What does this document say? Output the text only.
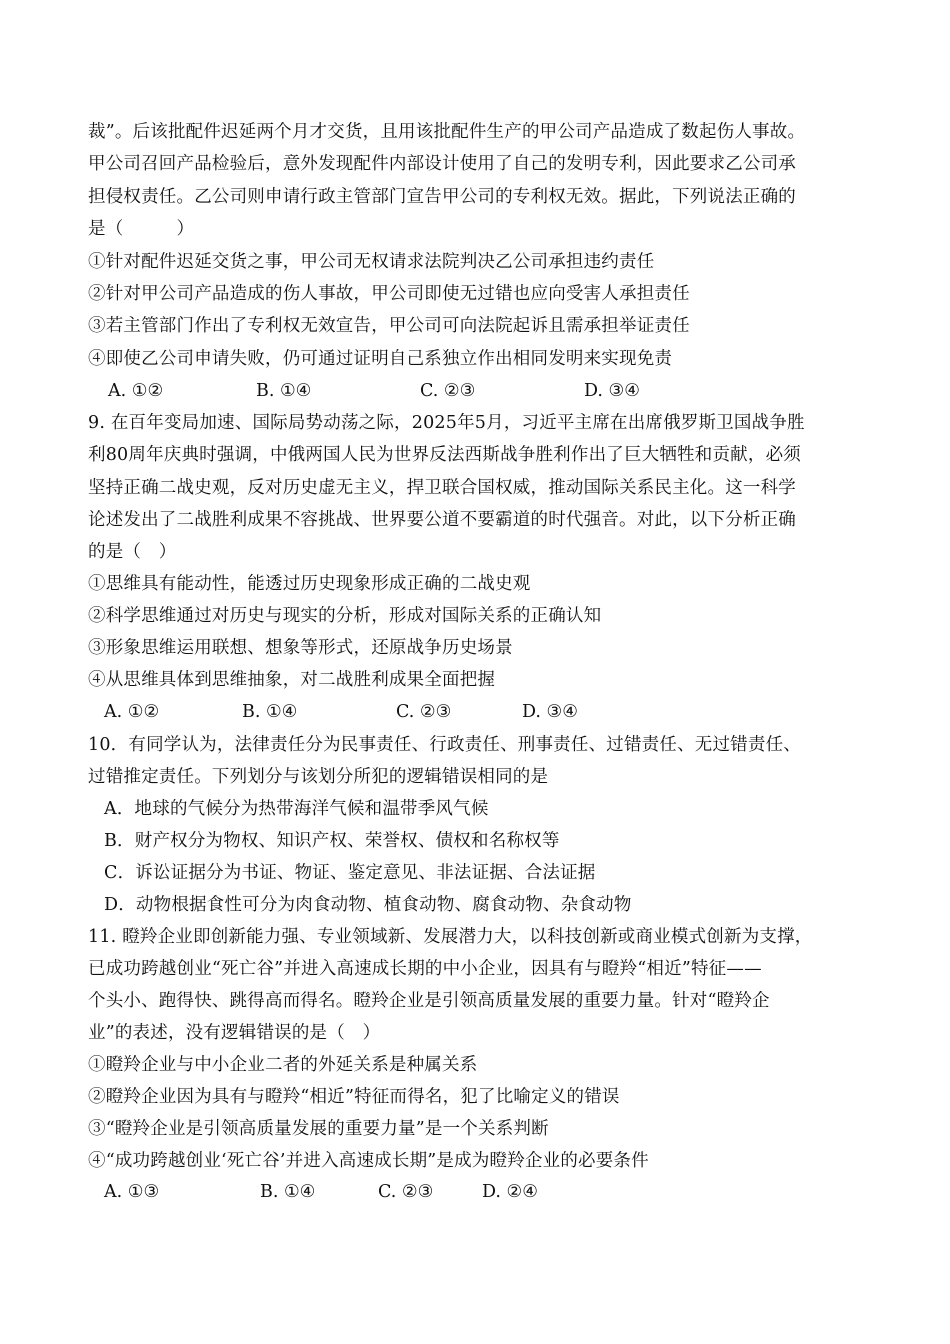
裁”。后该批配件迟延两个月才交货，且用该批配件生产的甲公司产品造成了数起伤人事故。
甲公司召回产品检验后，意外发现配件内部设计使用了自己的发明专利，因此要求乙公司承
担侵权责任。乙公司则申请行政主管部门宣告甲公司的专利权无效。据此，下列说法正确的
是（　　　）
①针对配件迟延交货之事，甲公司无权请求法院判决乙公司承担违约责任
②针对甲公司产品造成的伤人事故，甲公司即使无过错也应向受害人承担责任
③若主管部门作出了专利权无效宣告，甲公司可向法院起诉且需承担举证责任
④即使乙公司申请失败，仍可通过证明自己系独立作出相同发明来实现免责

A. ①②

	B. ①④

	C. ②③

	D. ③④

9. 在百年变局加速、国际局势动荡之际，2025年5月，习近平主席在出席俄罗斯卫国战争胜
利80周年庆典时强调，中俄两国人民为世界反法西斯战争胜利作出了巨大牺牲和贡献，必须
坚持正确二战史观，反对历史虚无主义，捍卫联合国权威，推动国际关系民主化。这一科学
论述发出了二战胜利成果不容挑战、世界要公道不要霸道的时代强音。对此，以下分析正确
的是（　）
①思维具有能动性，能透过历史现象形成正确的二战史观
②科学思维通过对历史与现实的分析，形成对国际关系的正确认知
③形象思维运用联想、想象等形式，还原战争历史场景
④从思维具体到思维抽象，对二战胜利成果全面把握

A. ①②

	B. ①④

	C. ②③

	D. ③④

10．有同学认为，法律责任分为民事责任、行政责任、刑事责任、过错责任、无过错责任、
过错推定责任。下列划分与该划分所犯的逻辑错误相同的是
A．地球的气候分为热带海洋气候和温带季风气候
B．财产权分为物权、知识产权、荣誉权、债权和名称权等
C．诉讼证据分为书证、物证、鉴定意见、非法证据、合法证据
D．动物根据食性可分为肉食动物、植食动物、腐食动物、杂食动物
11. 瞪羚企业即创新能力强、专业领域新、发展潜力大，以科技创新或商业模式创新为支撑，
已成功跨越创业“死亡谷”并进入高速成长期的中小企业，因具有与瞪羚“相近”特征——
个头小、跑得快、跳得高而得名。瞪羚企业是引领高质量发展的重要力量。针对“瞪羚企
业”的表述，没有逻辑错误的是（　）
①瞪羚企业与中小企业二者的外延关系是种属关系
②瞪羚企业因为具有与瞪羚“相近”特征而得名，犯了比喻定义的错误
③“瞪羚企业是引领高质量发展的重要力量”是一个关系判断
④“成功跨越创业‘死亡谷’并进入高速成长期”是成为瞪羚企业的必要条件

A. ①③

	B. ①④

	C. ②③

	D. ②④
